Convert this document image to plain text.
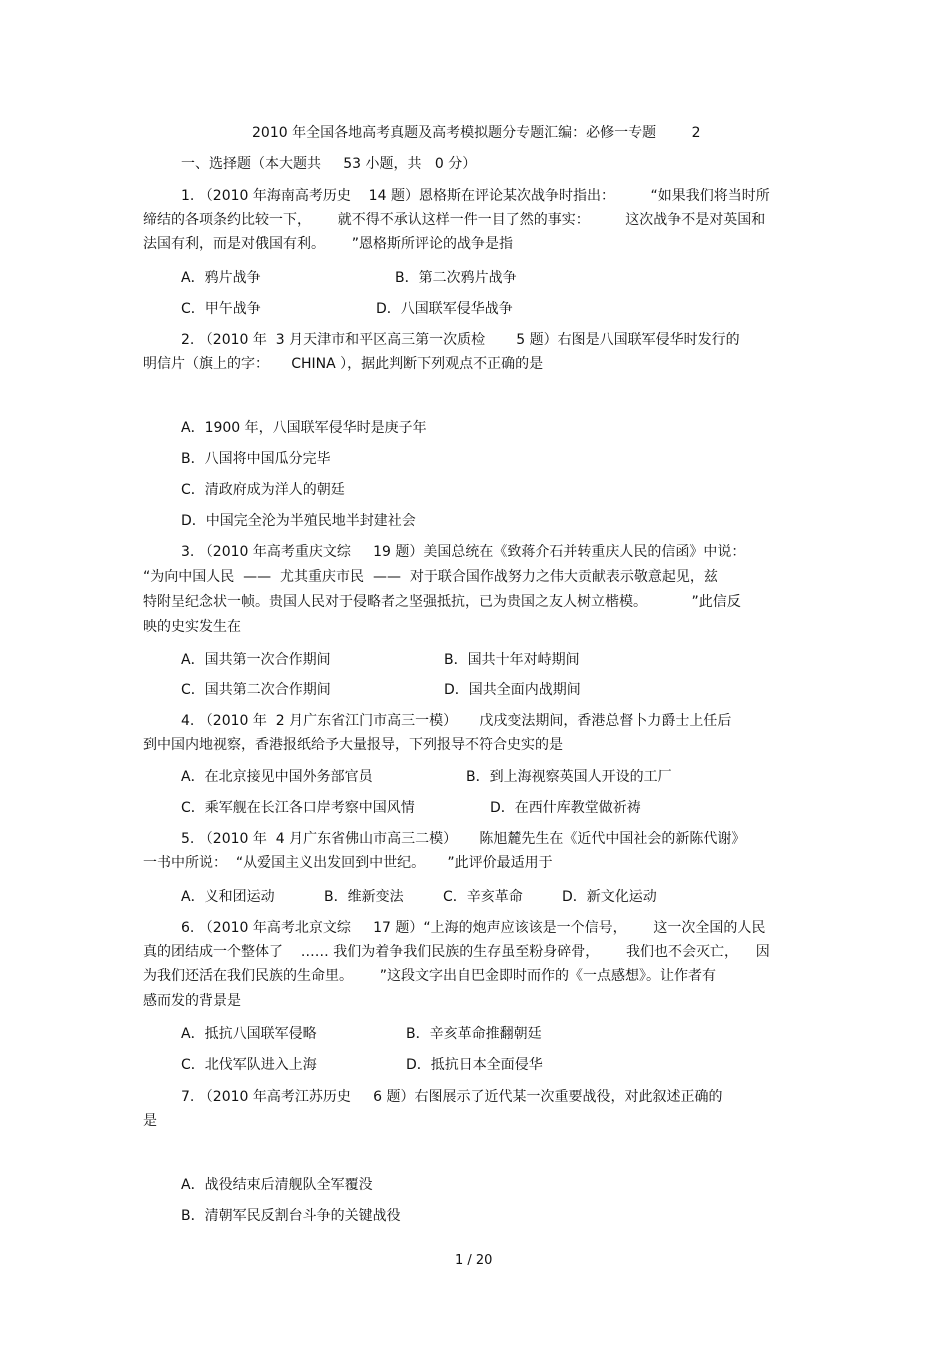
2010 年全国各地高考真题及高考模拟题分专题汇编：必修一专题        2
一、选择题（本大题共     53 小题，共   0 分）
1. （2010 年海南高考历史    14 题）恩格斯在评论某次战争时指出：        “如果我们将当时所
缔结的各项条约比较一下，      就不得不承认这样一件一目了然的事实：        这次战争不是对英国和
法国有利，而是对俄国有利。      ”恩格斯所评论的战争是指
A．鸦片战争	B．第二次鸦片战争
C．甲午战争	D．八国联军侵华战争
2. （2010 年  3 月天津市和平区高三第一次质检       5 题）右图是八国联军侵华时发行的
明信片（旗上的字：     CHINA ），据此判断下列观点不正确的是
A．1900 年，八国联军侵华时是庚子年
B．八国将中国瓜分完毕
C．清政府成为洋人的朝廷
D．中国完全沦为半殖民地半封建社会
3. （2010 年高考重庆文综     19 题）美国总统在《致蒋介石并转重庆人民的信函》中说：
“为向中国人民  ——  尤其重庆市民  ——  对于联合国作战努力之伟大贡献表示敬意起见，兹
特附呈纪念状一帧。贵国人民对于侵略者之坚强抵抗，已为贵国之友人树立楷模。          ”此信反
映的史实发生在
A．国共第一次合作期间	B．国共十年对峙期间
C．国共第二次合作期间	D．国共全面内战期间
4. （2010 年  2 月广东省江门市高三一模）     戊戌变法期间，香港总督卜力爵士上任后
到中国内地视察，香港报纸给予大量报导，下列报导不符合史实的是
A．在北京接见中国外务部官员	B．到上海视察英国人开设的工厂
C．乘军舰在长江各口岸考察中国风情	D．在西什库教堂做祈祷
5. （2010 年  4 月广东省佛山市高三二模）     陈旭麓先生在《近代中国社会的新陈代谢》
一书中所说：  “从爱国主义出发回到中世纪。     ”此评价最适用于
A．义和团运动	B．维新变法	C．辛亥革命	D．新文化运动
6. （2010 年高考北京文综     17 题）“上海的炮声应该该是一个信号，      这一次全国的人民
真的团结成一个整体了    …… 我们为着争我们民族的生存虽至粉身碎骨，      我们也不会灭亡，    因
为我们还活在我们民族的生命里。      ”这段文字出自巴金即时而作的《一点感想》。让作者有
感而发的背景是
A．抵抗八国联军侵略	B．辛亥革命推翻朝廷
C．北伐军队进入上海	D．抵抗日本全面侵华
7. （2010 年高考江苏历史     6 题）右图展示了近代某一次重要战役，对此叙述正确的
是
A．战役结束后清舰队全军覆没
B．清朝军民反割台斗争的关键战役
1 / 20
